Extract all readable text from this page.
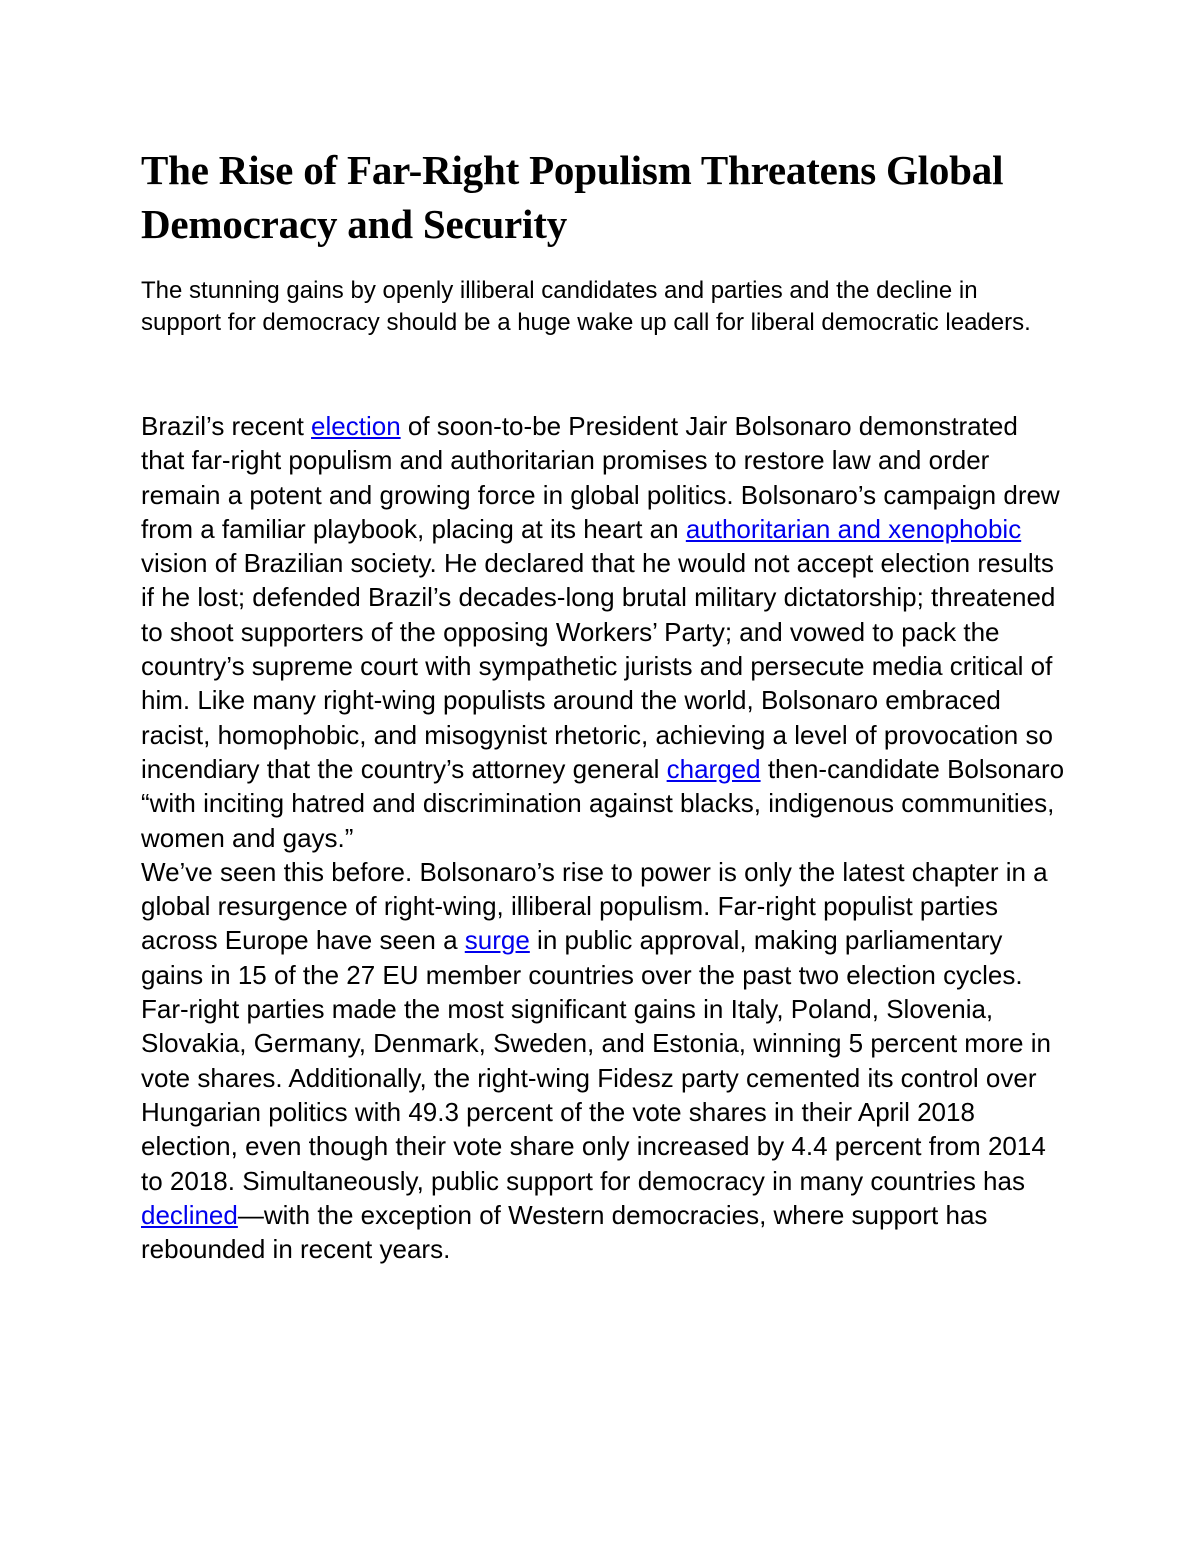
The Rise of Far-Right Populism Threatens Global Democracy and Security

The stunning gains by openly illiberal candidates and parties and the decline in support for democracy should be a huge wake up call for liberal democratic leaders.

Brazil’s recent election of soon-to-be President Jair Bolsonaro demonstrated that far-right populism and authoritarian promises to restore law and order remain a potent and growing force in global politics. Bolsonaro’s campaign drew from a familiar playbook, placing at its heart an authoritarian and xenophobic vision of Brazilian society. He declared that he would not accept election results if he lost; defended Brazil’s decades-long brutal military dictatorship; threatened to shoot supporters of the opposing Workers’ Party; and vowed to pack the country’s supreme court with sympathetic jurists and persecute media critical of him. Like many right-wing populists around the world, Bolsonaro embraced racist, homophobic, and misogynist rhetoric, achieving a level of provocation so incendiary that the country’s attorney general charged then-candidate Bolsonaro “with inciting hatred and discrimination against blacks, indigenous communities, women and gays.”

We’ve seen this before. Bolsonaro’s rise to power is only the latest chapter in a global resurgence of right-wing, illiberal populism. Far-right populist parties across Europe have seen a surge in public approval, making parliamentary gains in 15 of the 27 EU member countries over the past two election cycles. Far-right parties made the most significant gains in Italy, Poland, Slovenia, Slovakia, Germany, Denmark, Sweden, and Estonia, winning 5 percent more in vote shares. Additionally, the right-wing Fidesz party cemented its control over Hungarian politics with 49.3 percent of the vote shares in their April 2018 election, even though their vote share only increased by 4.4 percent from 2014 to 2018. Simultaneously, public support for democracy in many countries has declined—with the exception of Western democracies, where support has rebounded in recent years.
